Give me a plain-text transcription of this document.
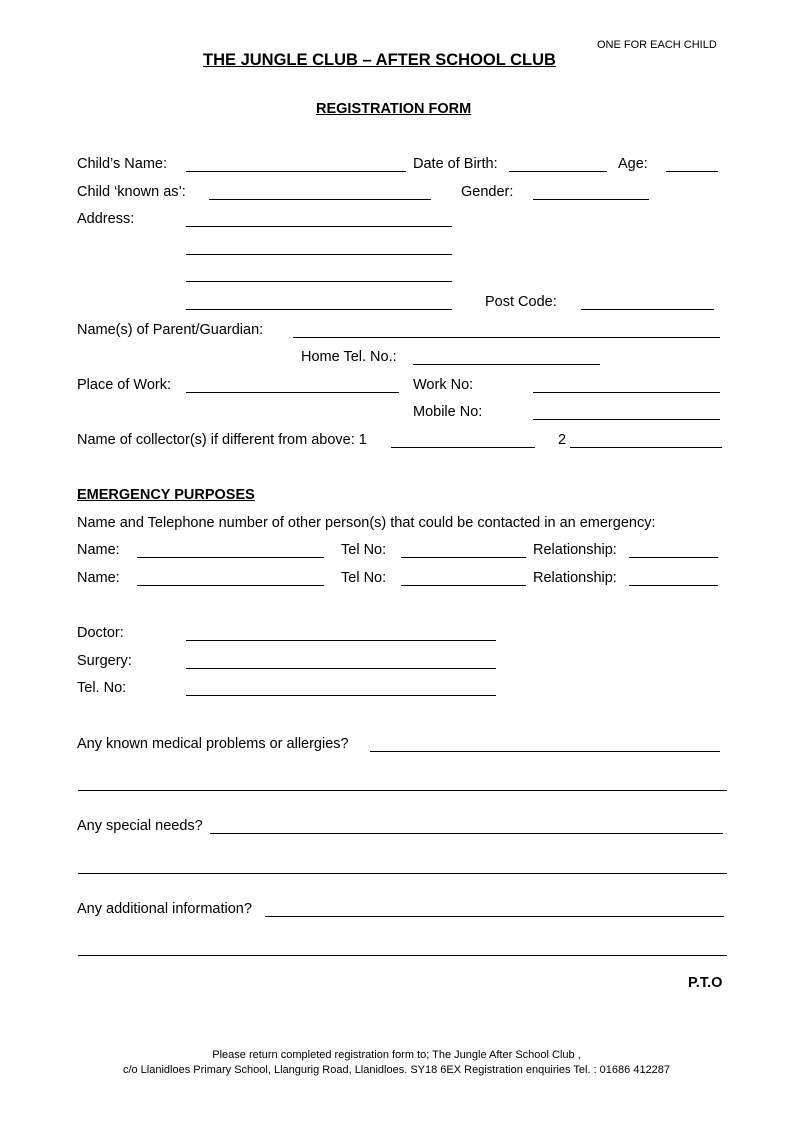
ONE FOR EACH CHILD
THE JUNGLE CLUB – AFTER SCHOOL CLUB
REGISTRATION FORM
Child’s Name:	Date of Birth:	Age:
Child ‘known as’:	Gender:
Address:
Post Code:
Name(s) of Parent/Guardian:
Home Tel. No.:
Place of Work:	Work No:
Mobile No:
Name of collector(s) if different from above: 1	2
EMERGENCY PURPOSES
Name and Telephone number of other person(s) that could be contacted in an emergency:
Name:	Tel No:	Relationship:
Name:	Tel No:	Relationship:
Doctor:
Surgery:
Tel. No:
Any known medical problems or allergies?
Any special needs?
Any additional information?
P.T.O
Please return completed registration form to; The Jungle After School Club ,
c/o Llanidloes Primary School, Llangurig Road, Llanidloes. SY18 6EX Registration enquiries Tel. : 01686 412287
